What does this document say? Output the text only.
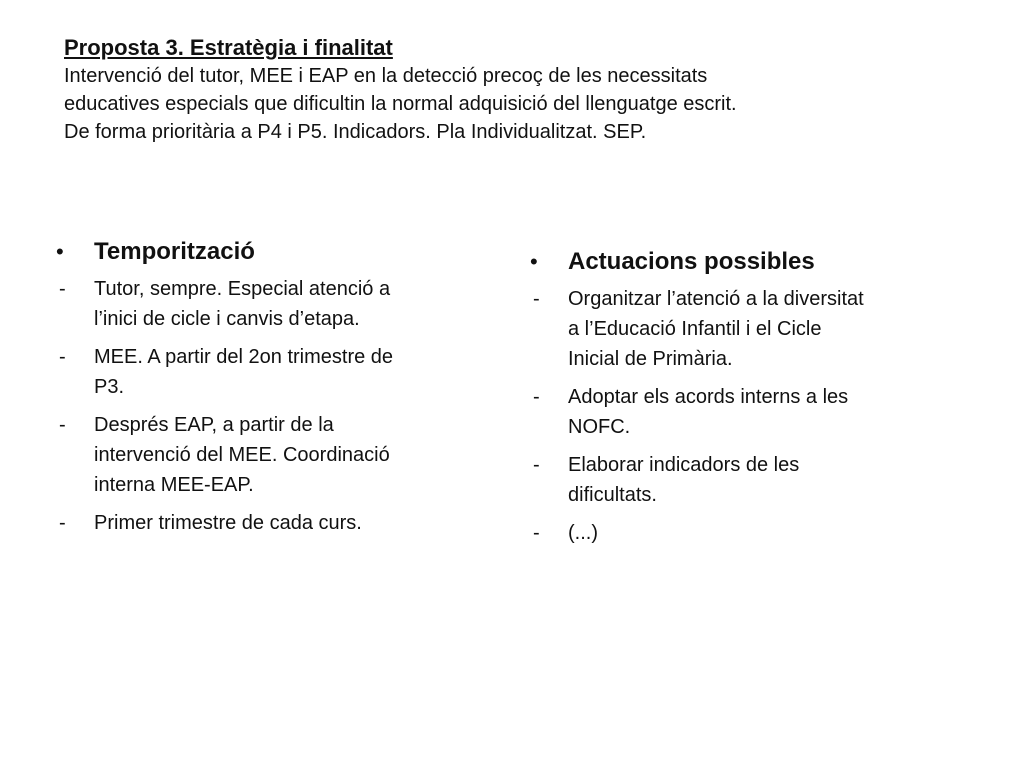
Proposta 3. Estratègia i finalitat

Intervenció del tutor, MEE i EAP en la detecció precoç de les necessitats
educatives especials que dificultin la normal adquisició del llenguatge escrit.
De forma prioritària a P4 i P5. Indicadors. Pla Individualitzat. SEP.

•	Temporització
-	Tutor, sempre. Especial atenció a
l’inici de cicle i canvis d’etapa.
-	MEE. A partir del 2on trimestre de
P3.
-	Després EAP, a partir de la
intervenció del MEE. Coordinació
interna MEE-EAP.
-	Primer trimestre de cada curs.
•	Actuacions possibles
-	Organitzar l’atenció a la diversitat
a l’Educació Infantil i el Cicle
Inicial de Primària.
-	Adoptar els acords interns a les
NOFC.
-	Elaborar indicadors de les
dificultats.
-	(...)
